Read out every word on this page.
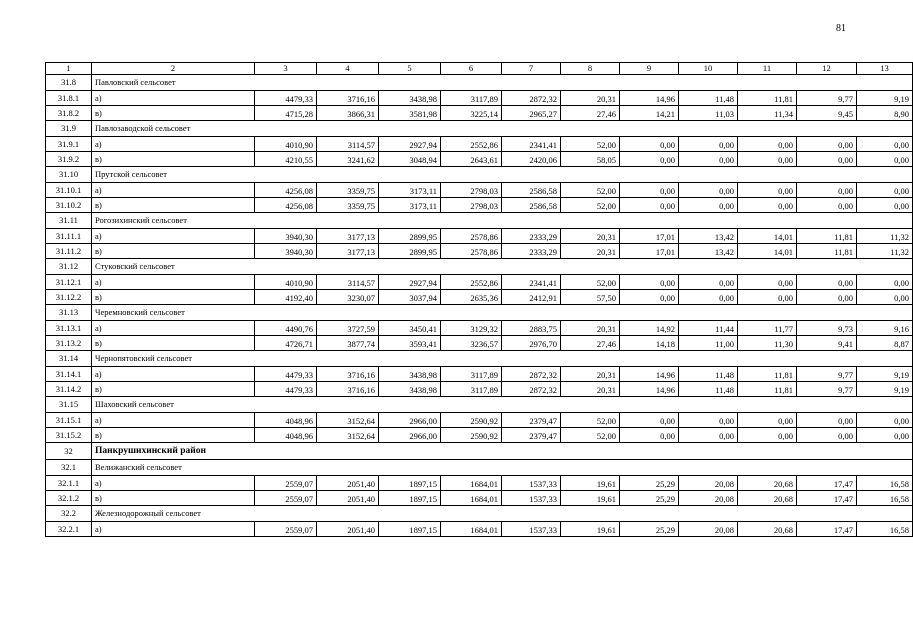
81
1	2	3	4	5	6	7	8	9	10	11	12	13
31.8	Павловский сельсовет											
31.8.1	а)	4479,33	3716,16	3438,98	3117,89	2872,32	20,31	14,96	11,48	11,81	9,77	9,19
31.8.2	в)	4715,28	3866,31	3581,98	3225,14	2965,27	27,46	14,21	11,03	11,34	9,45	8,90
31.9	Павлозаводской сельсовет											
31.9.1	а)	4010,90	3114,57	2927,94	2552,86	2341,41	52,00	0,00	0,00	0,00	0,00	0,00
31.9.2	в)	4210,55	3241,62	3048,94	2643,61	2420,06	58,05	0,00	0,00	0,00	0,00	0,00
31.10	Прутской сельсовет											
31.10.1	а)	4256,08	3359,75	3173,11	2798,03	2586,58	52,00	0,00	0,00	0,00	0,00	0,00
31.10.2	в)	4256,08	3359,75	3173,11	2798,03	2586,58	52,00	0,00	0,00	0,00	0,00	0,00
31.11	Рогозихинский сельсовет											
31.11.1	а)	3940,30	3177,13	2899,95	2578,86	2333,29	20,31	17,01	13,42	14,01	11,81	11,32
31.11.2	в)	3940,30	3177,13	2899,95	2578,86	2333,29	20,31	17,01	13,42	14,01	11,81	11,32
31.12	Стуковский сельсовет											
31.12.1	а)	4010,90	3114,57	2927,94	2552,86	2341,41	52,00	0,00	0,00	0,00	0,00	0,00
31.12.2	в)	4192,40	3230,07	3037,94	2635,36	2412,91	57,50	0,00	0,00	0,00	0,00	0,00
31.13	Черемновский сельсовет											
31.13.1	а)	4490,76	3727,59	3450,41	3129,32	2883,75	20,31	14,92	11,44	11,77	9,73	9,16
31.13.2	в)	4726,71	3877,74	3593,41	3236,57	2976,70	27,46	14,18	11,00	11,30	9,41	8,87
31.14	Чернопятовский сельсовет											
31.14.1	а)	4479,33	3716,16	3438,98	3117,89	2872,32	20,31	14,96	11,48	11,81	9,77	9,19
31.14.2	в)	4479,33	3716,16	3438,98	3117,89	2872,32	20,31	14,96	11,48	11,81	9,77	9,19
31.15	Шаховский сельсовет											
31.15.1	а)	4048,96	3152,64	2966,00	2590,92	2379,47	52,00	0,00	0,00	0,00	0,00	0,00
31.15.2	в)	4048,96	3152,64	2966,00	2590,92	2379,47	52,00	0,00	0,00	0,00	0,00	0,00
32	Панкрушихинский район											
32.1	Велижанский сельсовет											
32.1.1	а)	2559,07	2051,40	1897,15	1684,01	1537,33	19,61	25,29	20,08	20,68	17,47	16,58
32.1.2	в)	2559,07	2051,40	1897,15	1684,01	1537,33	19,61	25,29	20,08	20,68	17,47	16,58
32.2	Железнодорожный сельсовет											
32.2.1	а)	2559,07	2051,40	1897,15	1684,01	1537,33	19,61	25,29	20,08	20,68	17,47	16,58
